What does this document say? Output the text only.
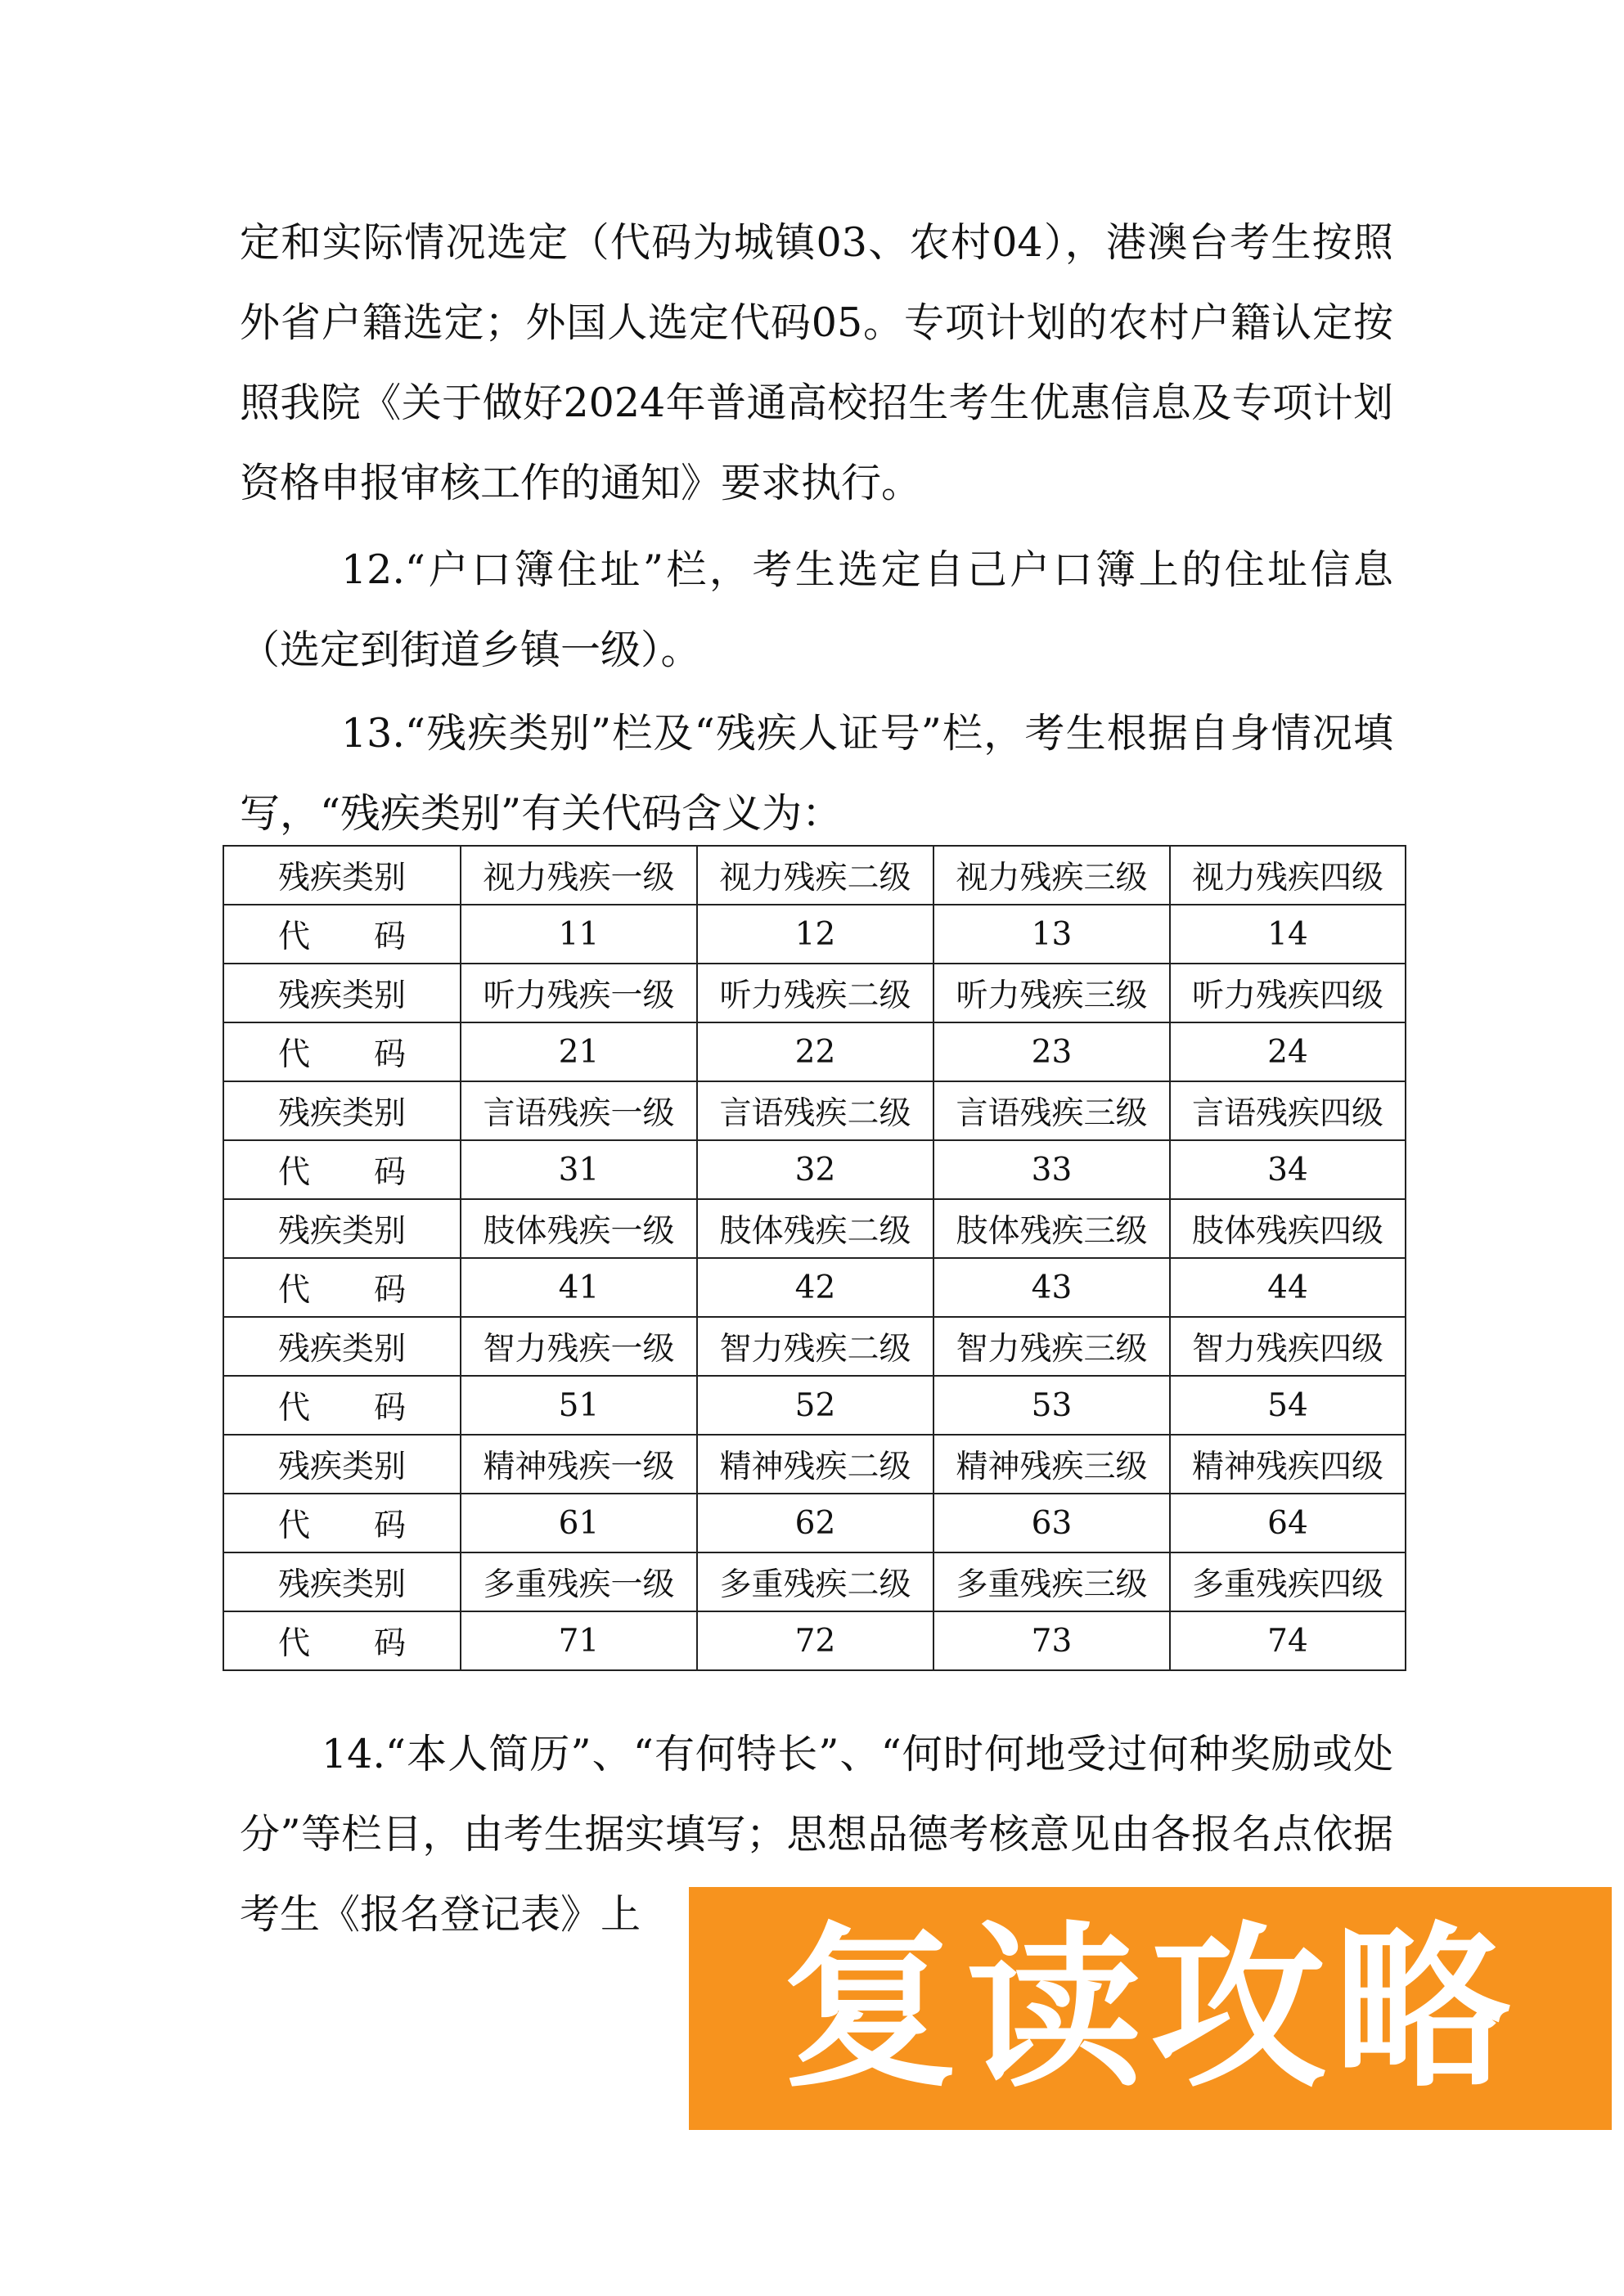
定和实际情况选定（代码为城镇03、农村04），港澳台考生按照外省户籍选定；外国人选定代码05。专项计划的农村户籍认定按照我院《关于做好2024年普通高校招生考生优惠信息及专项计划资格申报审核工作的通知》要求执行。

12.“户口簿住址”栏，考生选定自己户口簿上的住址信息（选定到街道乡镇一级）。

13.“残疾类别”栏及“残疾人证号”栏，考生根据自身情况填写，“残疾类别”有关代码含义为：

残疾类别	视力残疾一级	视力残疾二级	视力残疾三级	视力残疾四级
代　　码	11	12	13	14
残疾类别	听力残疾一级	听力残疾二级	听力残疾三级	听力残疾四级
代　　码	21	22	23	24
残疾类别	言语残疾一级	言语残疾二级	言语残疾三级	言语残疾四级
代　　码	31	32	33	34
残疾类别	肢体残疾一级	肢体残疾二级	肢体残疾三级	肢体残疾四级
代　　码	41	42	43	44
残疾类别	智力残疾一级	智力残疾二级	智力残疾三级	智力残疾四级
代　　码	51	52	53	54
残疾类别	精神残疾一级	精神残疾二级	精神残疾三级	精神残疾四级
代　　码	61	62	63	64
残疾类别	多重残疾一级	多重残疾二级	多重残疾三级	多重残疾四级
代　　码	71	72	73	74

14.“本人简历”、“有何特长”、“何时何地受过何种奖励或处分”等栏目，由考生据实填写；思想品德考核意见由各报名点依据考生《报名登记表》上 复读攻略
